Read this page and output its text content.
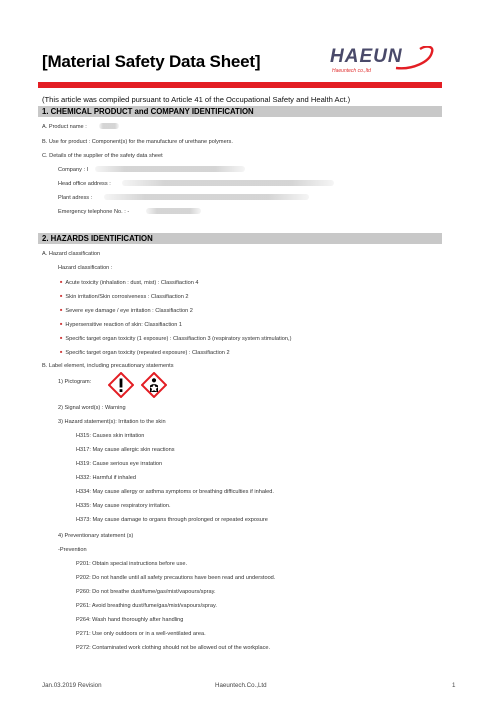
[Material Safety Data Sheet]	HAEUN
Haeuntech co.,ltd
(This article was compiled pursuant to Article 41 of the Occupational Safety and Health Act.)
1. CHEMICAL PRODUCT and COMPANY IDENTIFICATION
A. Product name :
B. Use for product : Component(s) for the manufacture of urethane polymers.
C. Details of the supplier of the safety data sheet
Company : I
Head office address :
Plant adress :
Emergency telephone No. : -
2. HAZARDS IDENTIFICATION
A. Hazard classification
Hazard classification :
■ Acute toxicity (inhalation : dust, mist) : Classifiaction 4
■ Skin irritation/Skin corrosiveness : Classifiaction 2
■ Severe eye damage / eye irritation : Classifiaction 2
■ Hypersensitive reaction of skin: Classifiaction 1
■ Specific target organ toxicity (1 exposure) : Classifiaction 3 (respiratory system stimulation,)
■ Specific target organ toxicity (repeated exposure) : Classifiaction 2
B. Label element, including precautionary statements
1) Pictogram:
2) Signal word(s) : Warning
3) Hazard statement(s): Irritation to the skin
H315: Causes skin irritation
H317: May cause allergic skin reactions
H319: Cause serious eye irratation
H332: Harmful if inhaled
H334: May cause allergy or asthma symptoms or breathing difficulties if inhaled.
H335: May cause respiratory irritation.
H373: May cause damage to organs through prolonged or repeated exposure
4) Preventionary statement (s)
-Prevention
P201: Obtain special instructions before use.
P202: Do not handle until all safety precautions have been read and understood.
P260: Do not breathe dust/fume/gas/mist/vapours/spray.
P261: Avoid breathing dust/fume/gas/mist/vapours/spray.
P264: Wash hand thoroughly after handling
P271: Use only outdoors or in a well-ventilated area.
P272: Contaminated work clothing should not be allowed out of the workplace.
Jan.03.2019 Revision	Haeuntech.Co.,Ltd	1
